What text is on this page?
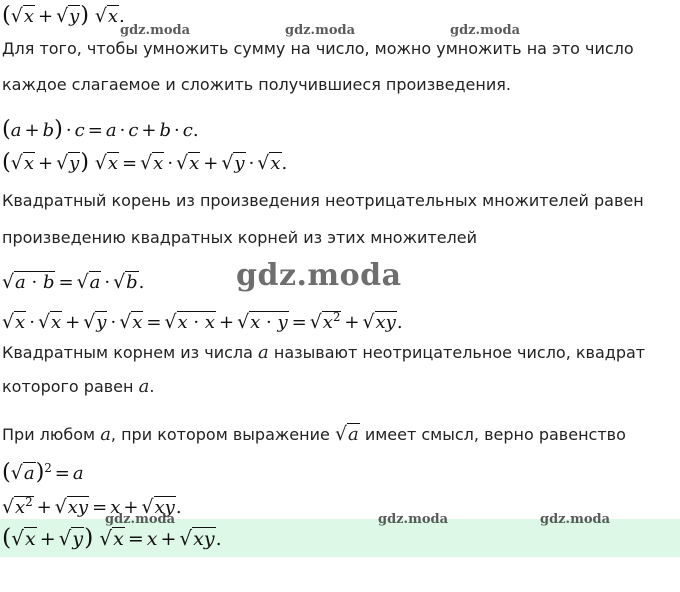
(√x + √y) √x.
Для того, чтобы умножить сумму на число, можно умножить на это число
каждое слагаемое и сложить получившиеся произведения.
(a + b) · c = a · c + b · c.
(√x + √y) √x = √x · √x + √y · √x.
Квадратный корень из произведения неотрицательных множителей равен
произведению квадратных корней из этих множителей
√a · b = √a · √b.
$√x \cdot √x + √y \cdot √x = √x \cdot x + √x \cdot y = √x^2 + √xy$.
Квадратным корнем из числа a называют неотрицательное число, квадрат
которого равен a.
При любом a, при котором выражение √a имеет смысл, верно равенство
$(√a)^2 = a$
$√x^2 + √xy = x + √xy$.
(√x + √y) √x = x + √xy.
gdz.moda	gdz.moda	gdz.moda
gdz.moda
gdz.moda	gdz.moda	gdz.moda
